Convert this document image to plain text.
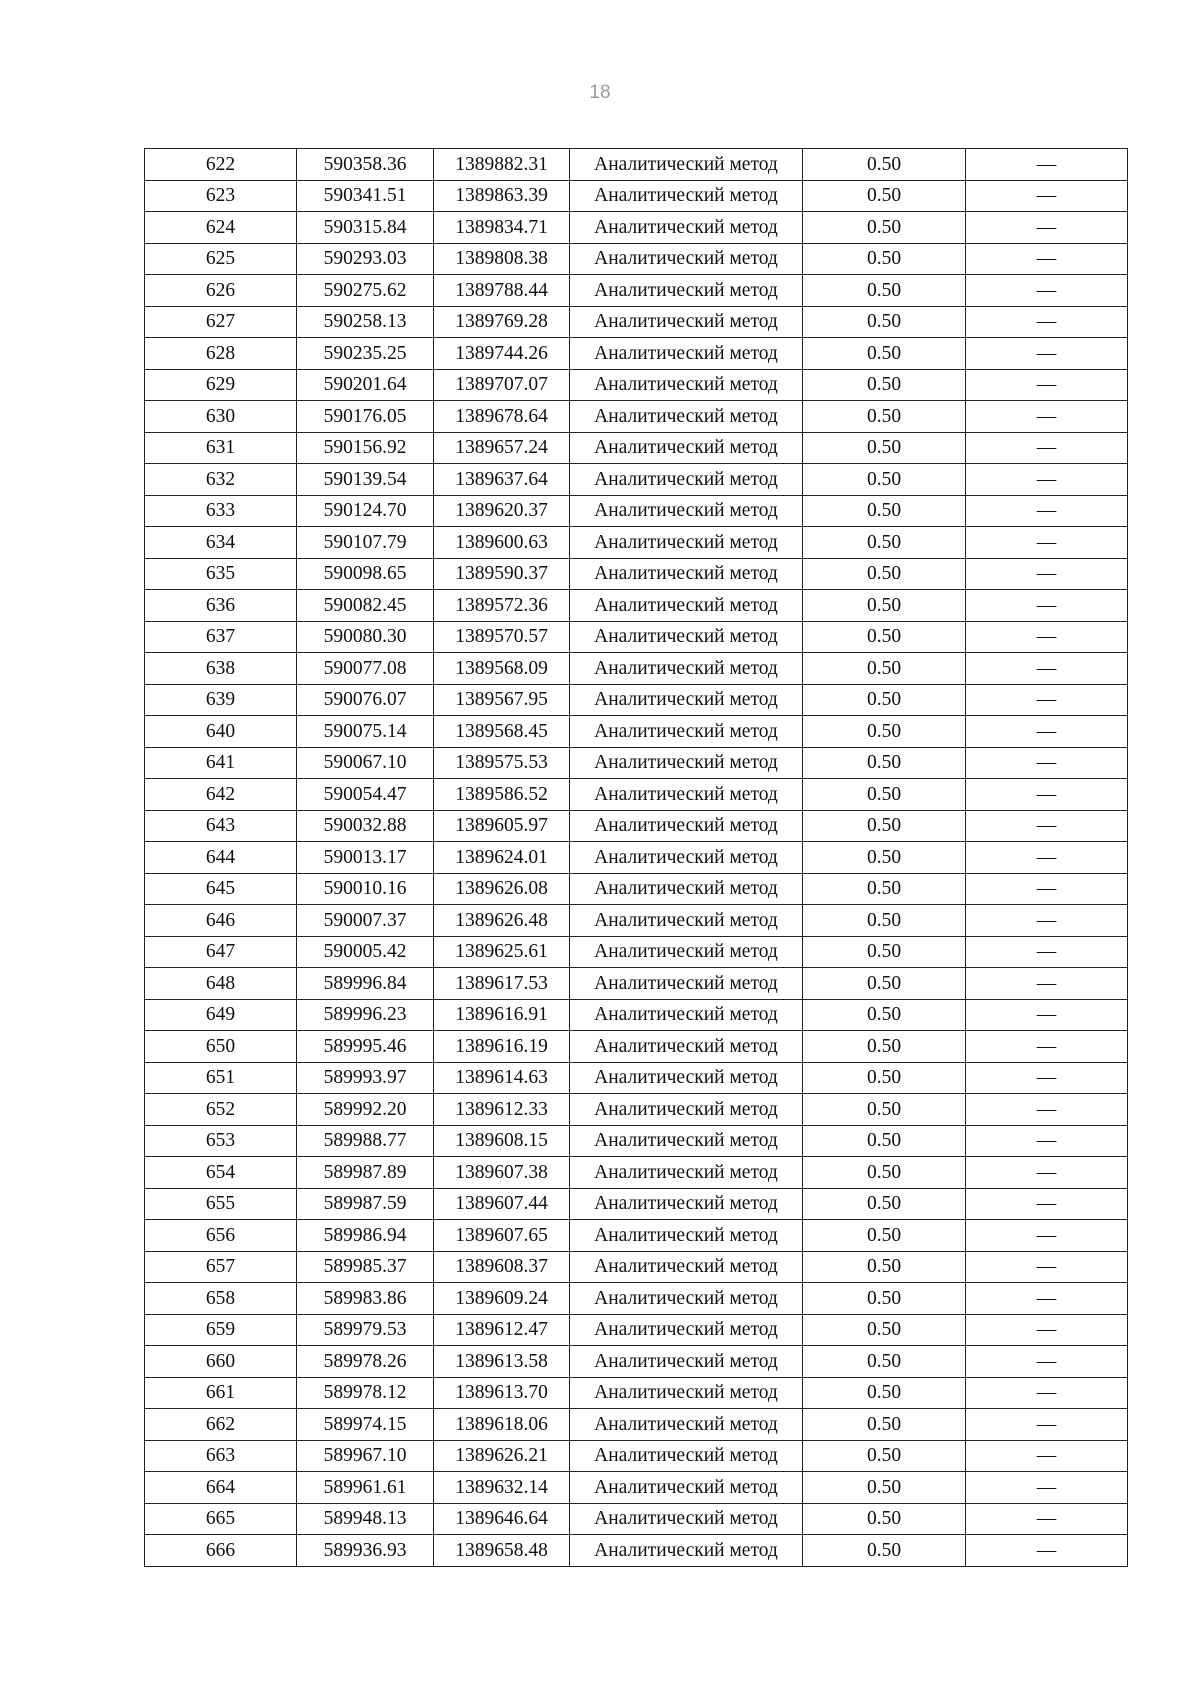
18
622	590358.36	1389882.31	Аналитический метод	0.50	—
623	590341.51	1389863.39	Аналитический метод	0.50	—
624	590315.84	1389834.71	Аналитический метод	0.50	—
625	590293.03	1389808.38	Аналитический метод	0.50	—
626	590275.62	1389788.44	Аналитический метод	0.50	—
627	590258.13	1389769.28	Аналитический метод	0.50	—
628	590235.25	1389744.26	Аналитический метод	0.50	—
629	590201.64	1389707.07	Аналитический метод	0.50	—
630	590176.05	1389678.64	Аналитический метод	0.50	—
631	590156.92	1389657.24	Аналитический метод	0.50	—
632	590139.54	1389637.64	Аналитический метод	0.50	—
633	590124.70	1389620.37	Аналитический метод	0.50	—
634	590107.79	1389600.63	Аналитический метод	0.50	—
635	590098.65	1389590.37	Аналитический метод	0.50	—
636	590082.45	1389572.36	Аналитический метод	0.50	—
637	590080.30	1389570.57	Аналитический метод	0.50	—
638	590077.08	1389568.09	Аналитический метод	0.50	—
639	590076.07	1389567.95	Аналитический метод	0.50	—
640	590075.14	1389568.45	Аналитический метод	0.50	—
641	590067.10	1389575.53	Аналитический метод	0.50	—
642	590054.47	1389586.52	Аналитический метод	0.50	—
643	590032.88	1389605.97	Аналитический метод	0.50	—
644	590013.17	1389624.01	Аналитический метод	0.50	—
645	590010.16	1389626.08	Аналитический метод	0.50	—
646	590007.37	1389626.48	Аналитический метод	0.50	—
647	590005.42	1389625.61	Аналитический метод	0.50	—
648	589996.84	1389617.53	Аналитический метод	0.50	—
649	589996.23	1389616.91	Аналитический метод	0.50	—
650	589995.46	1389616.19	Аналитический метод	0.50	—
651	589993.97	1389614.63	Аналитический метод	0.50	—
652	589992.20	1389612.33	Аналитический метод	0.50	—
653	589988.77	1389608.15	Аналитический метод	0.50	—
654	589987.89	1389607.38	Аналитический метод	0.50	—
655	589987.59	1389607.44	Аналитический метод	0.50	—
656	589986.94	1389607.65	Аналитический метод	0.50	—
657	589985.37	1389608.37	Аналитический метод	0.50	—
658	589983.86	1389609.24	Аналитический метод	0.50	—
659	589979.53	1389612.47	Аналитический метод	0.50	—
660	589978.26	1389613.58	Аналитический метод	0.50	—
661	589978.12	1389613.70	Аналитический метод	0.50	—
662	589974.15	1389618.06	Аналитический метод	0.50	—
663	589967.10	1389626.21	Аналитический метод	0.50	—
664	589961.61	1389632.14	Аналитический метод	0.50	—
665	589948.13	1389646.64	Аналитический метод	0.50	—
666	589936.93	1389658.48	Аналитический метод	0.50	—
